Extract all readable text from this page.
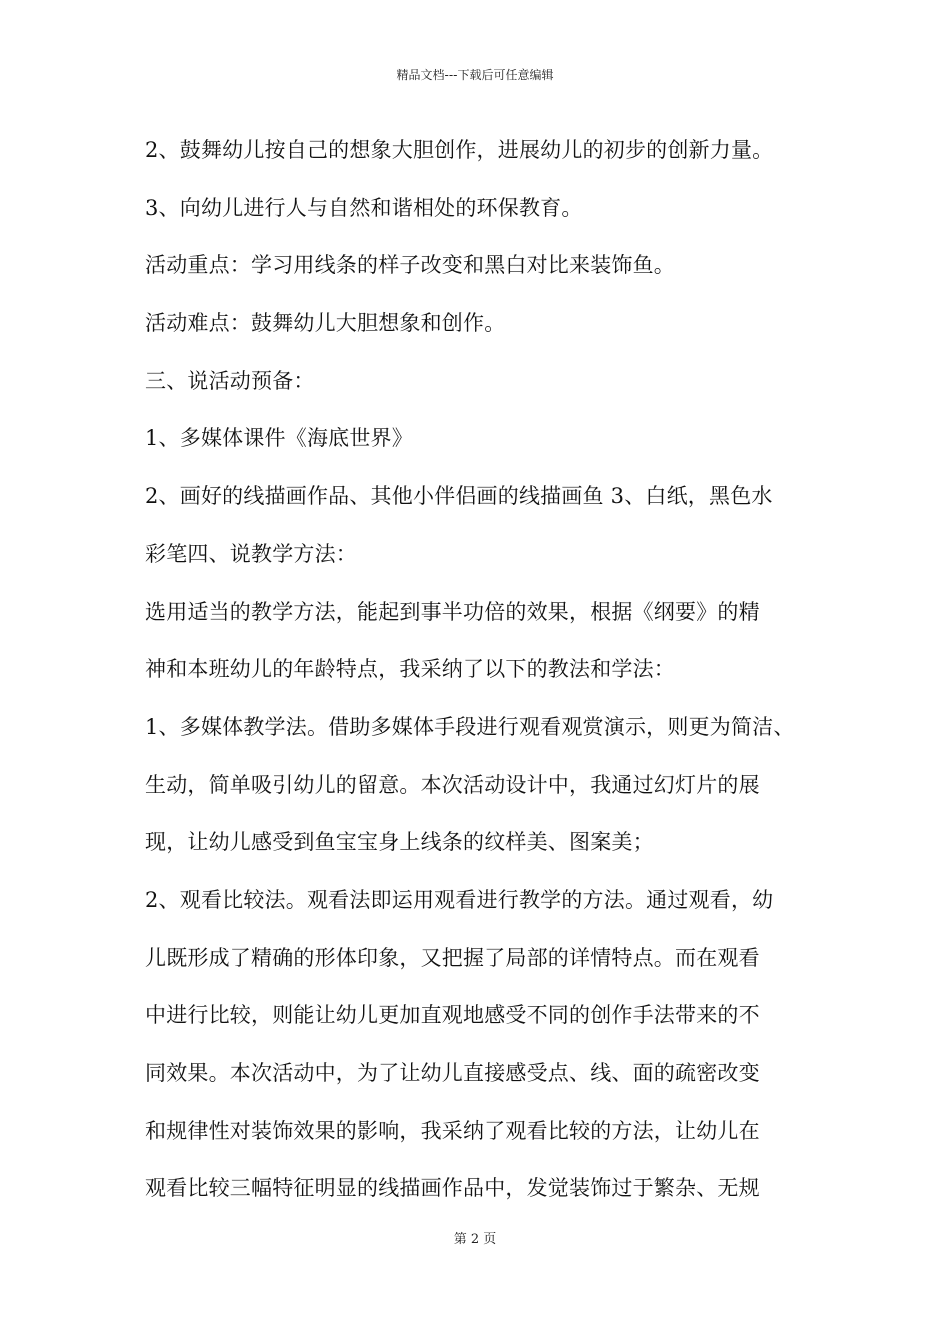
精品文档---下载后可任意编辑
2、鼓舞幼儿按自己的想象大胆创作，进展幼儿的初步的创新力量。
3、向幼儿进行人与自然和谐相处的环保教育。
活动重点：学习用线条的样子改变和黑白对比来装饰鱼。
活动难点：鼓舞幼儿大胆想象和创作。
三、说活动预备：
1、多媒体课件《海底世界》
2、画好的线描画作品、其他小伴侣画的线描画鱼 3、白纸，黑色水
彩笔四、说教学方法：
选用适当的教学方法，能起到事半功倍的效果，根据《纲要》的精
神和本班幼儿的年龄特点，我采纳了以下的教法和学法：
1、多媒体教学法。借助多媒体手段进行观看观赏演示，则更为简洁、
生动，简单吸引幼儿的留意。本次活动设计中，我通过幻灯片的展
现，让幼儿感受到鱼宝宝身上线条的纹样美、图案美；
2、观看比较法。观看法即运用观看进行教学的方法。通过观看，幼
儿既形成了精确的形体印象，又把握了局部的详情特点。而在观看
中进行比较，则能让幼儿更加直观地感受不同的创作手法带来的不
同效果。本次活动中，为了让幼儿直接感受点、线、面的疏密改变
和规律性对装饰效果的影响，我采纳了观看比较的方法，让幼儿在
观看比较三幅特征明显的线描画作品中，发觉装饰过于繁杂、无规
第 2 页
